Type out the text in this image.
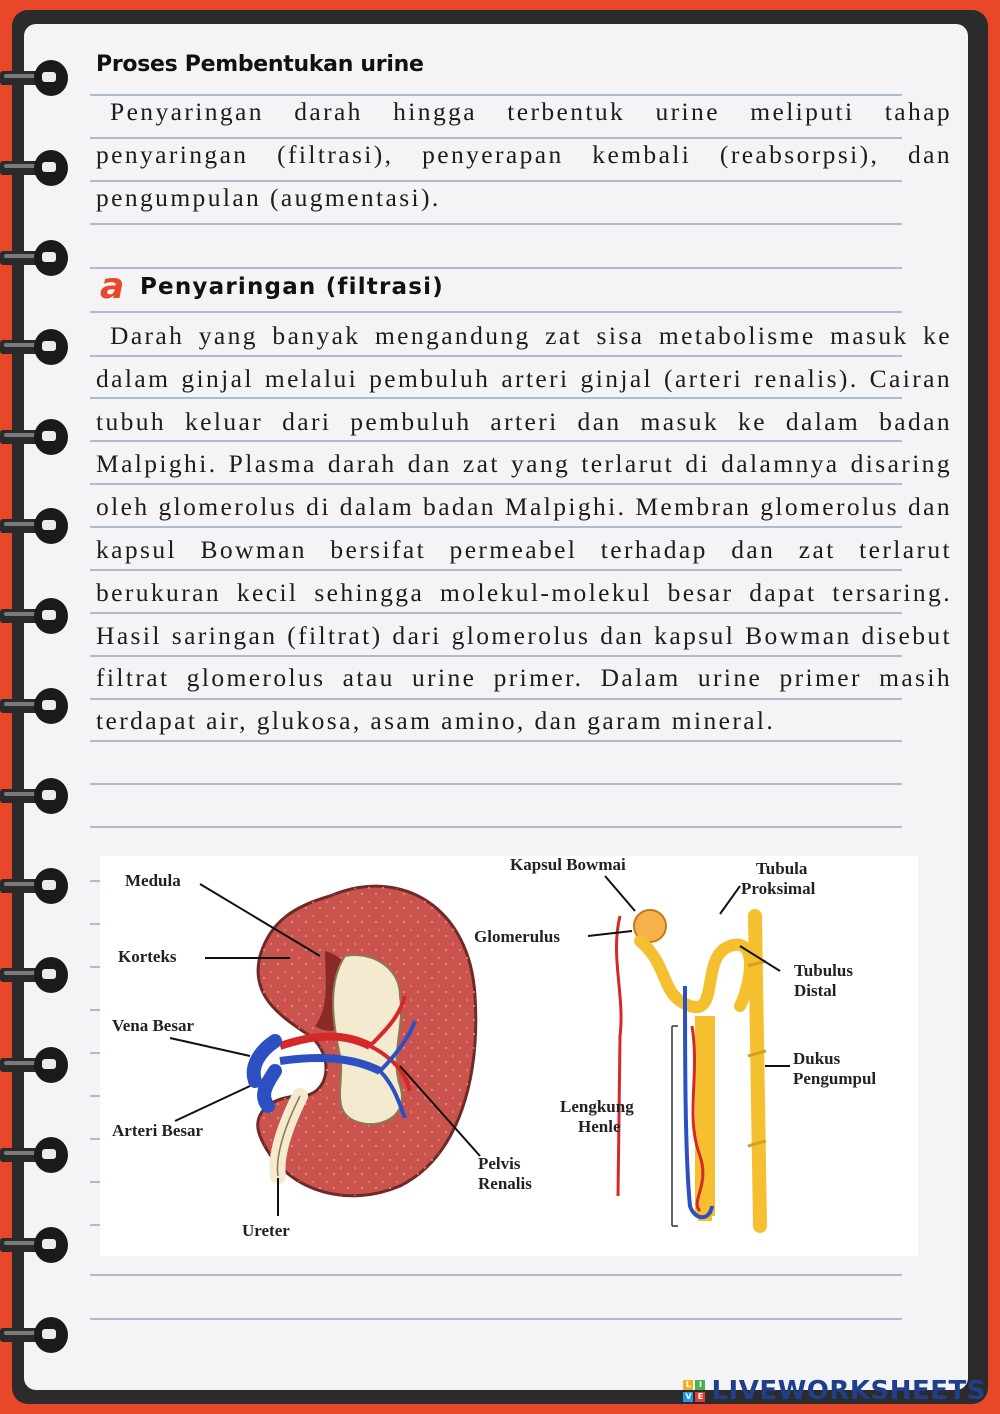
Proses Pembentukan urine

Penyaringan darah hingga terbentuk urine meliputi tahap penyaringan (filtrasi), penyerapan kembali (reabsorpsi), dan pengumpulan (augmentasi).

a Penyaringan (filtrasi)

Darah yang banyak mengandung zat sisa metabolisme masuk ke dalam ginjal melalui pembuluh arteri ginjal (arteri renalis). Cairan tubuh keluar dari pembuluh arteri dan masuk ke dalam badan Malpighi. Plasma darah dan zat yang terlarut di dalamnya disaring oleh glomerolus di dalam badan Malpighi. Membran glomerolus dan kapsul Bowman bersifat permeabel terhadap dan zat terlarut berukuran kecil sehingga molekul-molekul besar dapat tersaring. Hasil saringan (filtrat) dari glomerolus dan kapsul Bowman disebut filtrat glomerolus atau urine primer. Dalam urine primer masih terdapat air, glukosa, asam amino, dan garam mineral.

Medula
Korteks
Vena Besar
Arteri Besar
Ureter
Pelvis
Renalis
Kapsul Bowmai
Glomerulus
Tubula
Proksimal
Tubulus
Distal
Dukus
Pengumpul
Lengkung
Henle
L I
V E LIVEWORKSHEETS
